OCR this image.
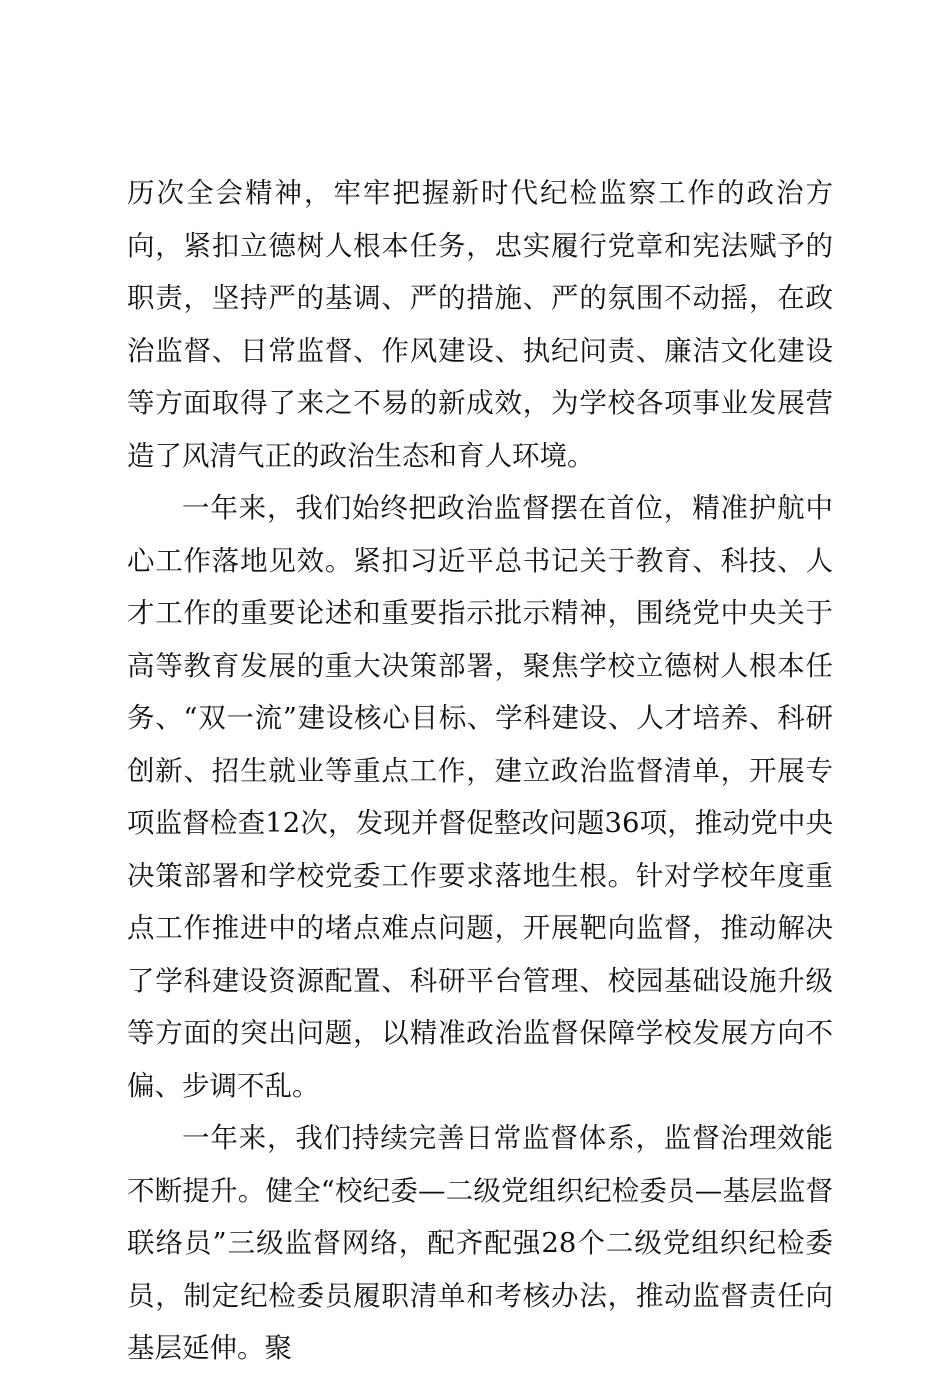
历次全会精神，牢牢把握新时代纪检监察工作的政治方向，紧扣立德树人根本任务，忠实履行党章和宪法赋予的职责，坚持严的基调、严的措施、严的氛围不动摇，在政治监督、日常监督、作风建设、执纪问责、廉洁文化建设等方面取得了来之不易的新成效，为学校各项事业发展营造了风清气正的政治生态和育人环境。

一年来，我们始终把政治监督摆在首位，精准护航中心工作落地见效。紧扣习近平总书记关于教育、科技、人才工作的重要论述和重要指示批示精神，围绕党中央关于高等教育发展的重大决策部署，聚焦学校立德树人根本任务、“双一流”建设核心目标、学科建设、人才培养、科研创新、招生就业等重点工作，建立政治监督清单，开展专项监督检查12次，发现并督促整改问题36项，推动党中央决策部署和学校党委工作要求落地生根。针对学校年度重点工作推进中的堵点难点问题，开展靶向监督，推动解决了学科建设资源配置、科研平台管理、校园基础设施升级等方面的突出问题，以精准政治监督保障学校发展方向不偏、步调不乱。

一年来，我们持续完善日常监督体系，监督治理效能不断提升。健全“校纪委—二级党组织纪检委员—基层监督联络员”三级监督网络，配齐配强28个二级党组织纪检委员，制定纪检委员履职清单和考核办法，推动监督责任向基层延伸。聚
